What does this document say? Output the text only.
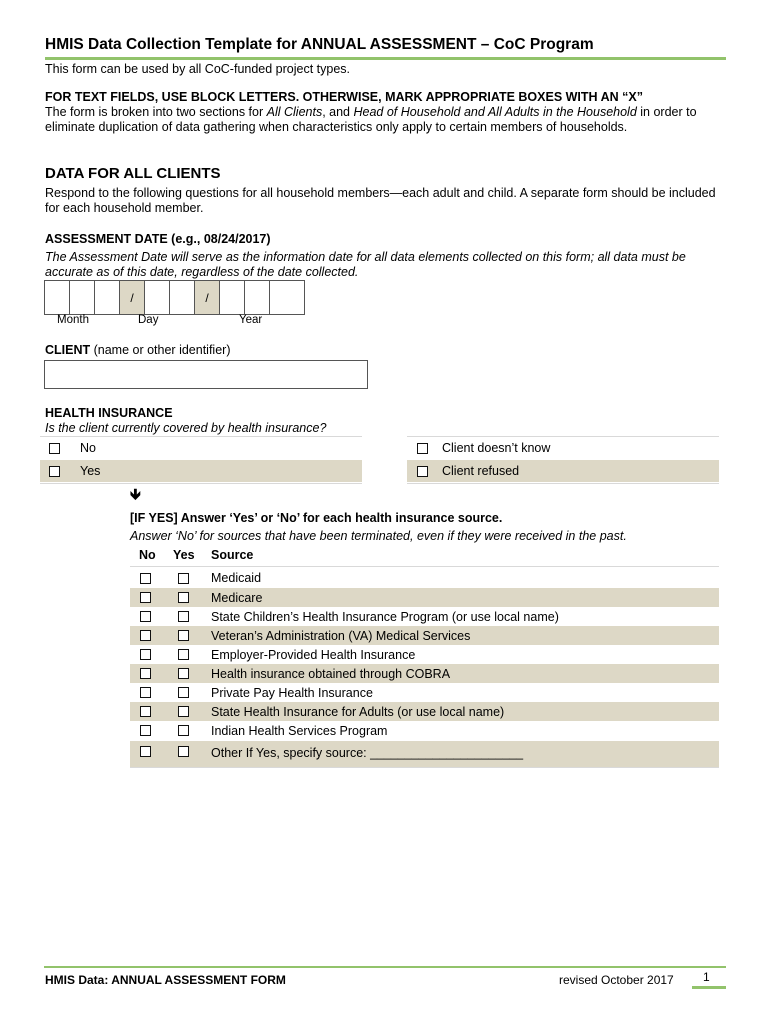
HMIS Data Collection Template for ANNUAL ASSESSMENT – CoC Program
This form can be used by all CoC-funded project types.
FOR TEXT FIELDS, USE BLOCK LETTERS. OTHERWISE, MARK APPROPRIATE BOXES WITH AN “X”
The form is broken into two sections for All Clients, and Head of Household and All Adults in the Household in order to
eliminate duplication of data gathering when characteristics only apply to certain members of households.
DATA FOR ALL CLIENTS
Respond to the following questions for all household members—each adult and child. A separate form should be included
for each household member.
ASSESSMENT DATE (e.g., 08/24/2017)
The Assessment Date will serve as the information date for all data elements collected on this form; all data must be
accurate as of this date, regardless of the date collected.
/	/
Month	Day	Year
CLIENT (name or other identifier)
HEALTH INSURANCE
Is the client currently covered by health insurance?
No
Yes
Client doesn’t know
Client refused
🡻
[IF YES] Answer ‘Yes’ or ‘No’ for each health insurance source.
Answer ‘No’ for sources that have been terminated, even if they were received in the past.
No Yes Source
Medicaid
Medicare
State Children’s Health Insurance Program (or use local name)
Veteran’s Administration (VA) Medical Services
Employer-Provided Health Insurance
Health insurance obtained through COBRA
Private Pay Health Insurance
State Health Insurance for Adults (or use local name)
Indian Health Services Program
Other If Yes, specify source: ______________________
HMIS Data: ANNUAL ASSESSMENT FORM	revised October 2017 1
